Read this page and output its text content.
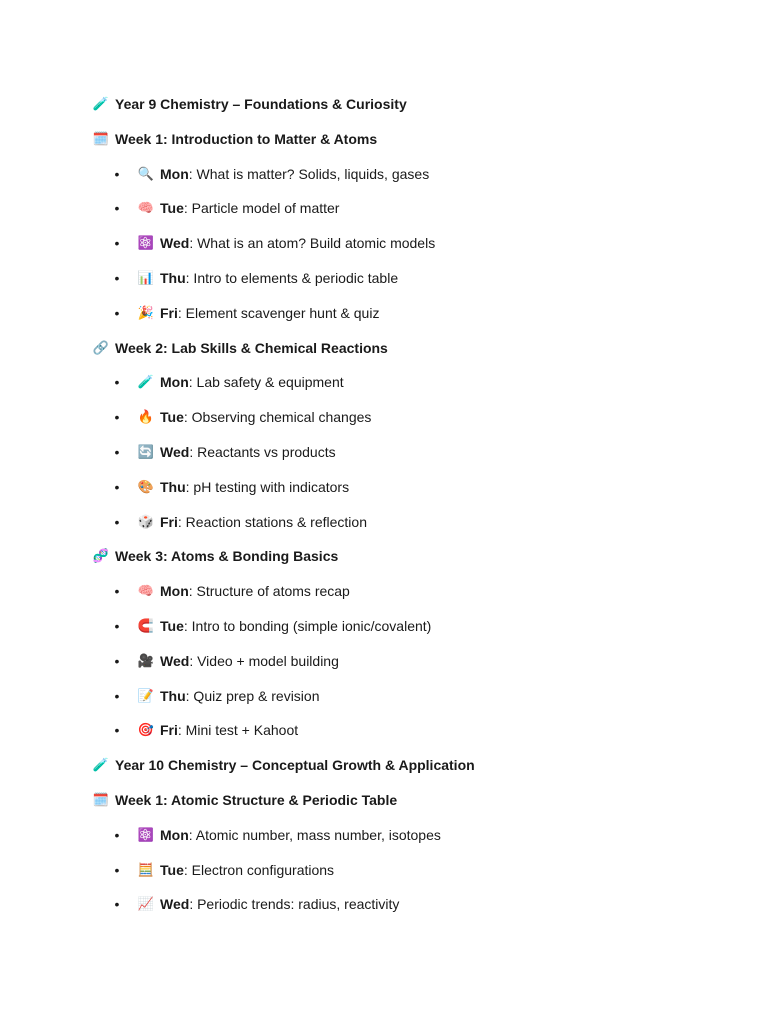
🧪 Year 9 Chemistry – Foundations & Curiosity
🗓️ Week 1: Introduction to Matter & Atoms
• 🔍 Mon : What is matter? Solids, liquids, gases
• 🧠 Tue : Particle model of matter
• ⚛️ Wed : What is an atom? Build atomic models
• 📊 Thu : Intro to elements & periodic table
• 🎉 Fri : Element scavenger hunt & quiz
🔗 Week 2: Lab Skills & Chemical Reactions
• 🧪 Mon : Lab safety & equipment
• 🔥 Tue : Observing chemical changes
• 🔄 Wed : Reactants vs products
• 🎨 Thu : pH testing with indicators
• 🎲 Fri : Reaction stations & reflection
🧬 Week 3: Atoms & Bonding Basics
• 🧠 Mon : Structure of atoms recap
• 🧲 Tue : Intro to bonding (simple ionic/covalent)
• 🎥 Wed : Video + model building
• 📝 Thu : Quiz prep & revision
• 🎯 Fri : Mini test + Kahoot
🧪 Year 10 Chemistry – Conceptual Growth & Application
🗓️ Week 1: Atomic Structure & Periodic Table
• ⚛️ Mon : Atomic number, mass number, isotopes
• 🧮 Tue : Electron configurations
• 📈 Wed : Periodic trends: radius, reactivity
